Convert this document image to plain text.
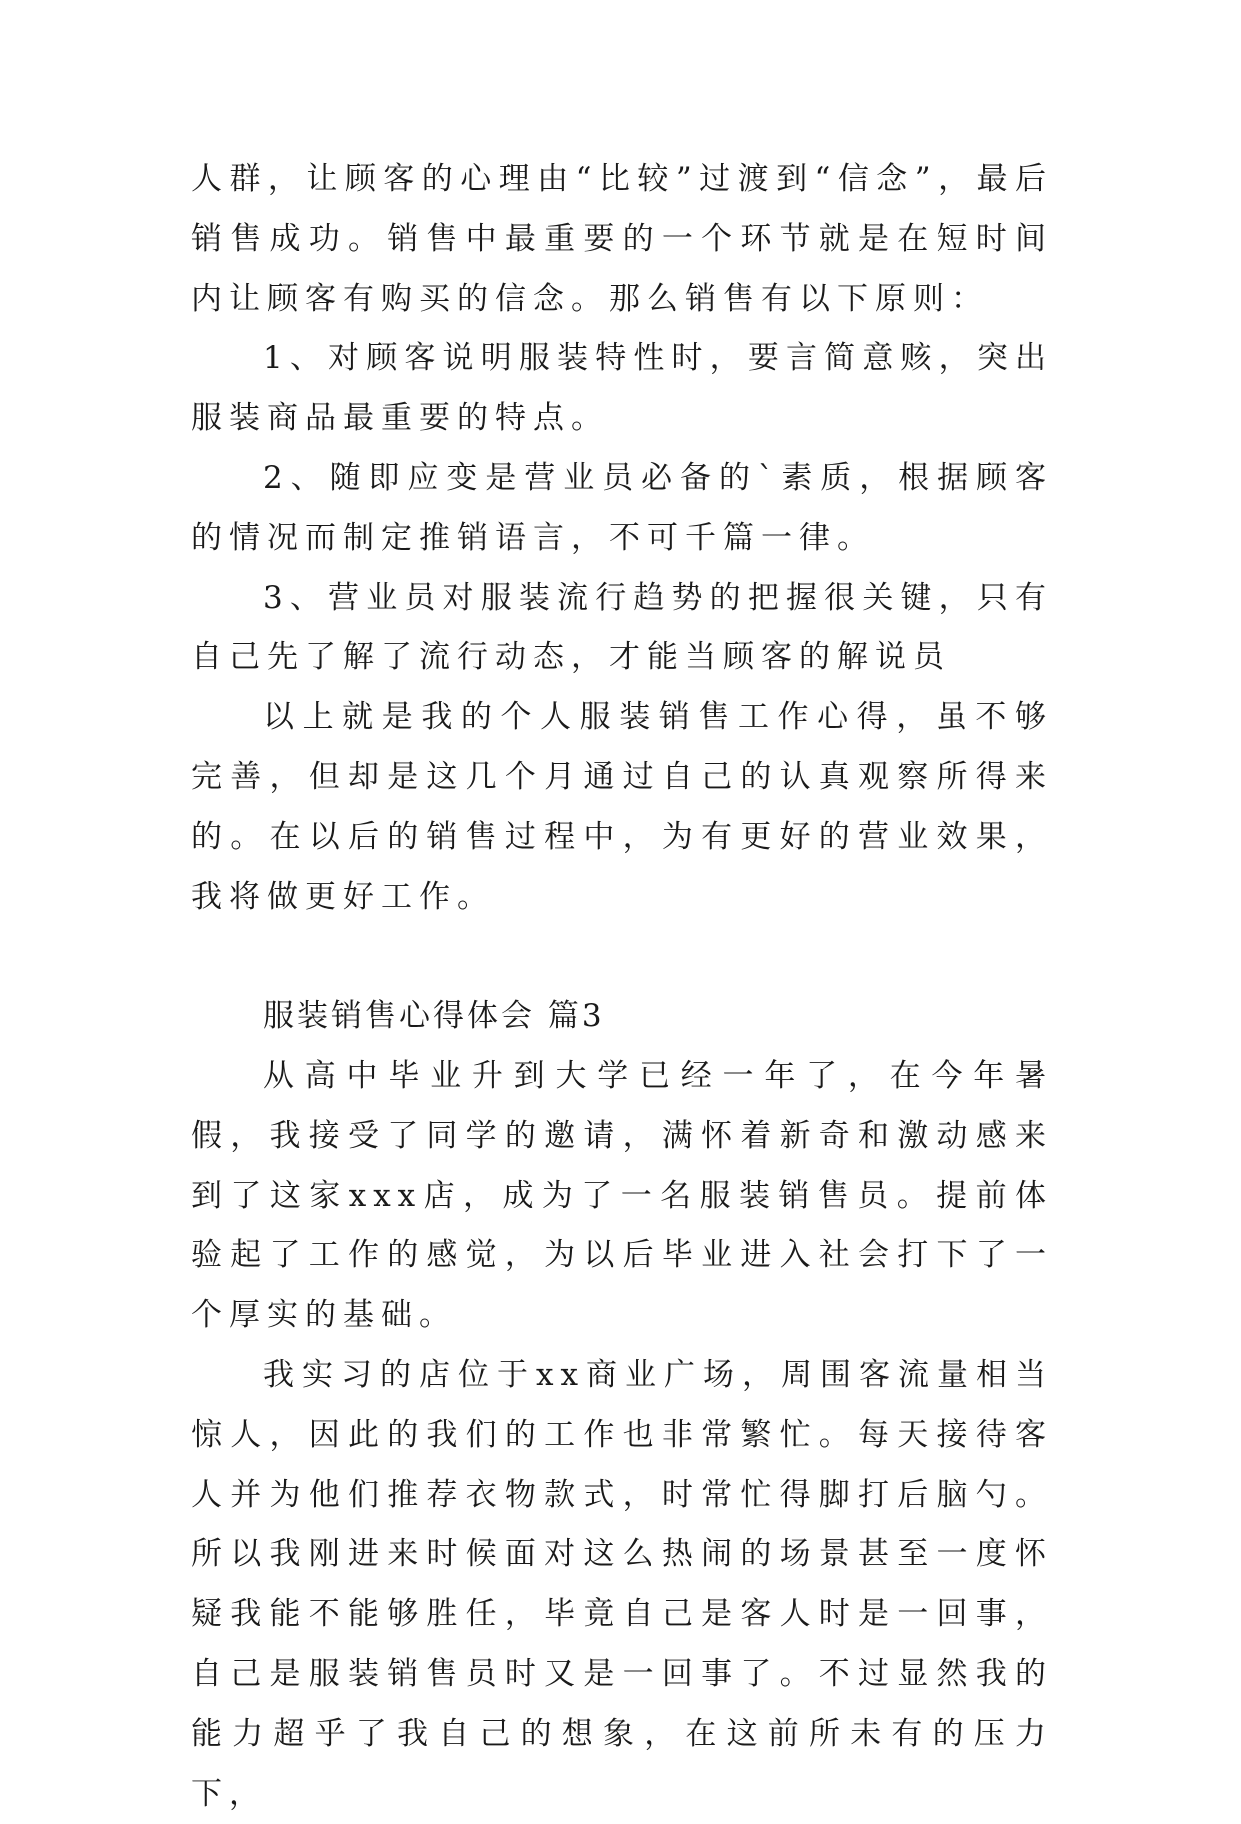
人群，让顾客的心理由“比较”过渡到“信念”，最后销售成功。销售中最重要的一个环节就是在短时间内让顾客有购买的信念。那么销售有以下原则：

1、对顾客说明服装特性时，要言简意赅，突出服装商品最重要的特点。

2、随即应变是营业员必备的`素质，根据顾客的情况而制定推销语言，不可千篇一律。

3、营业员对服装流行趋势的把握很关键，只有自己先了解了流行动态，才能当顾客的解说员

以上就是我的个人服装销售工作心得，虽不够完善，但却是这几个月通过自己的认真观察所得来的。在以后的销售过程中，为有更好的营业效果，我将做更好工作。

服装销售心得体会 篇3

从高中毕业升到大学已经一年了，在今年暑假，我接受了同学的邀请，满怀着新奇和激动感来到了这家xxx店，成为了一名服装销售员。提前体验起了工作的感觉，为以后毕业进入社会打下了一个厚实的基础。

我实习的店位于xx商业广场，周围客流量相当惊人，因此的我们的工作也非常繁忙。每天接待客人并为他们推荐衣物款式，时常忙得脚打后脑勺。所以我刚进来时候面对这么热闹的场景甚至一度怀疑我能不能够胜任，毕竟自己是客人时是一回事，自己是服装销售员时又是一回事了。不过显然我的能力超乎了我自己的想象，在这前所未有的压力下，
